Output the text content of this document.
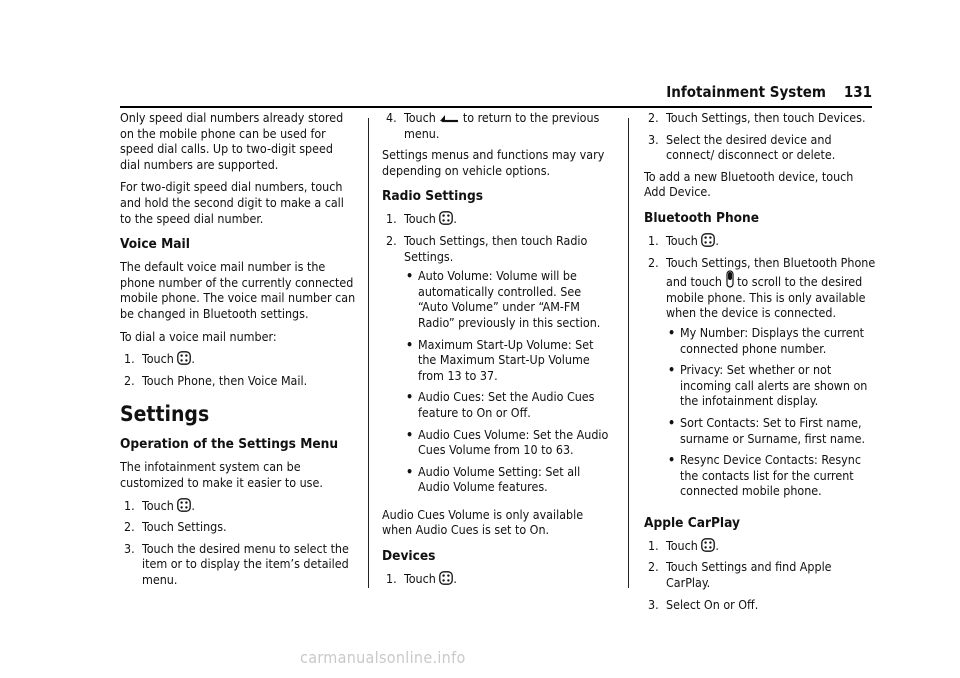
Infotainment System 131

Only speed dial numbers already stored on the mobile phone can be used for speed dial calls. Up to two-digit speed dial numbers are supported.

For two-digit speed dial numbers, touch and hold the second digit to make a call to the speed dial number.

Voice Mail

The default voice mail number is the phone number of the currently connected mobile phone. The voice mail number can be changed in Bluetooth settings.

To dial a voice mail number:

1. Touch .
2. Touch Phone, then Voice Mail.
Settings
Operation of the Settings Menu

The infotainment system can be customized to make it easier to use.

1. Touch .
2. Touch Settings.
3. Touch the desired menu to select the item or to display the item’s detailed menu.
4. Touch to return to the previous menu.

Settings menus and functions may vary depending on vehicle options.

Radio Settings
1. Touch .
2. Touch Settings, then touch Radio Settings.
• Auto Volume: Volume will be automatically controlled. See “Auto Volume” under “AM-FM Radio” previously in this section.
• Maximum Start-Up Volume: Set the Maximum Start-Up Volume from 13 to 37.
• Audio Cues: Set the Audio Cues feature to On or Off.
• Audio Cues Volume: Set the Audio Cues Volume from 10 to 63.
• Audio Volume Setting: Set all Audio Volume features.

Audio Cues Volume is only available when Audio Cues is set to On.

Devices
1. Touch .
2. Touch Settings, then touch Devices.
3. Select the desired device and connect/ disconnect or delete.

To add a new Bluetooth device, touch Add Device.

Bluetooth Phone
1. Touch .
2. Touch Settings, then Bluetooth Phone and touch to scroll to the desired mobile phone. This is only available when the device is connected.
• My Number: Displays the current connected phone number.
• Privacy: Set whether or not incoming call alerts are shown on the infotainment display.
• Sort Contacts: Set to First name, surname or Surname, first name.
• Resync Device Contacts: Resync the contacts list for the current connected mobile phone.
Apple CarPlay
1. Touch .
2. Touch Settings and find Apple CarPlay.
3. Select On or Off.
carmanualsonline.info
